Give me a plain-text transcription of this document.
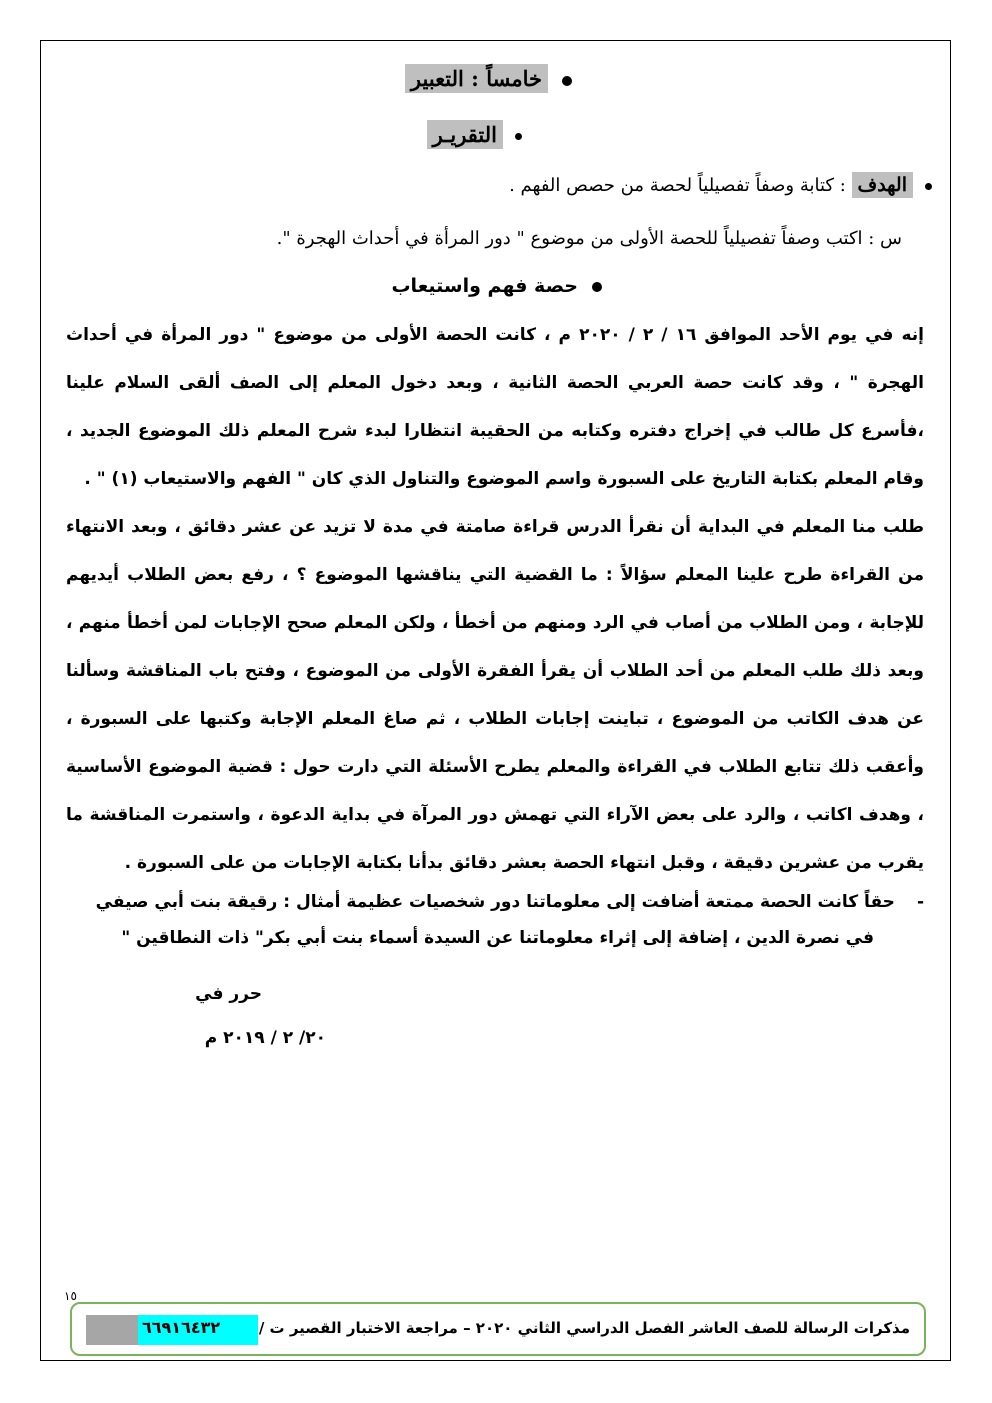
خامساً : التعبير
التقريـر
الهدف : كتابة وصفاً تفصيلياً لحصة من حصص الفهم .
س : اكتب وصفاً تفصيلياً للحصة الأولى من موضوع " دور المرأة في أحداث الهجرة ".
حصة فهم واستيعاب
إنه في يوم الأحد الموافق ١٦ / ٢ / ٢٠٢٠ م ، كانت الحصة الأولى من موضوع " دور المرأة في أحداث الهجرة " ، وقد كانت حصة العربي الحصة الثانية ، وبعد دخول المعلم إلى الصف ألقى السلام علينا ،فأسرع كل طالب في إخراج دفتره وكتابه من الحقيبة انتظارا لبدء شرح المعلم ذلك الموضوع الجديد ، وقام المعلم بكتابة التاريخ على السبورة واسم الموضوع والتناول الذي كان " الفهم والاستيعاب (١) " .
طلب منا المعلم في البداية أن نقرأ الدرس قراءة صامتة في مدة لا تزيد عن عشر دقائق ، وبعد الانتهاء من القراءة طرح علينا المعلم سؤالاً : ما القضية التي يناقشها الموضوع ؟ ، رفع بعض الطلاب أيديهم للإجابة ، ومن الطلاب من أصاب في الرد ومنهم من أخطأ ، ولكن المعلم صحح الإجابات لمن أخطأ منهم ، وبعد ذلك طلب المعلم من أحد الطلاب أن يقرأ الفقرة الأولى من الموضوع ، وفتح باب المناقشة وسألنا عن هدف الكاتب من الموضوع ، تباينت إجابات الطلاب ، ثم صاغ المعلم الإجابة وكتبها على السبورة ، وأعقب ذلك تتابع الطلاب في القراءة والمعلم يطرح الأسئلة التي دارت حول : قضية الموضوع الأساسية ، وهدف اكاتب ، والرد على بعض الآراء التي تهمش دور المرآة في بداية الدعوة ، واستمرت المناقشة ما يقرب من عشرين دقيقة ، وقبل انتهاء الحصة بعشر دقائق بدأنا بكتابة الإجابات من على السبورة .
-حقاً كانت الحصة ممتعة أضافت إلى معلوماتنا دور شخصيات عظيمة أمثال : رقيقة بنت أبي صيفي
في نصرة الدين ، إضافة إلى إثراء معلوماتنا عن السيدة أسماء بنت أبي بكر" ذات النطاقين "
حرر في
٢٠/ ٢ / ٢٠١٩ م
١٥
٦٦٩١٦٤٣٢	مذكرات الرسالة للصف العاشر الفصل الدراسي الثاني ٢٠٢٠ – مراجعة الاختبار القصير ت /
